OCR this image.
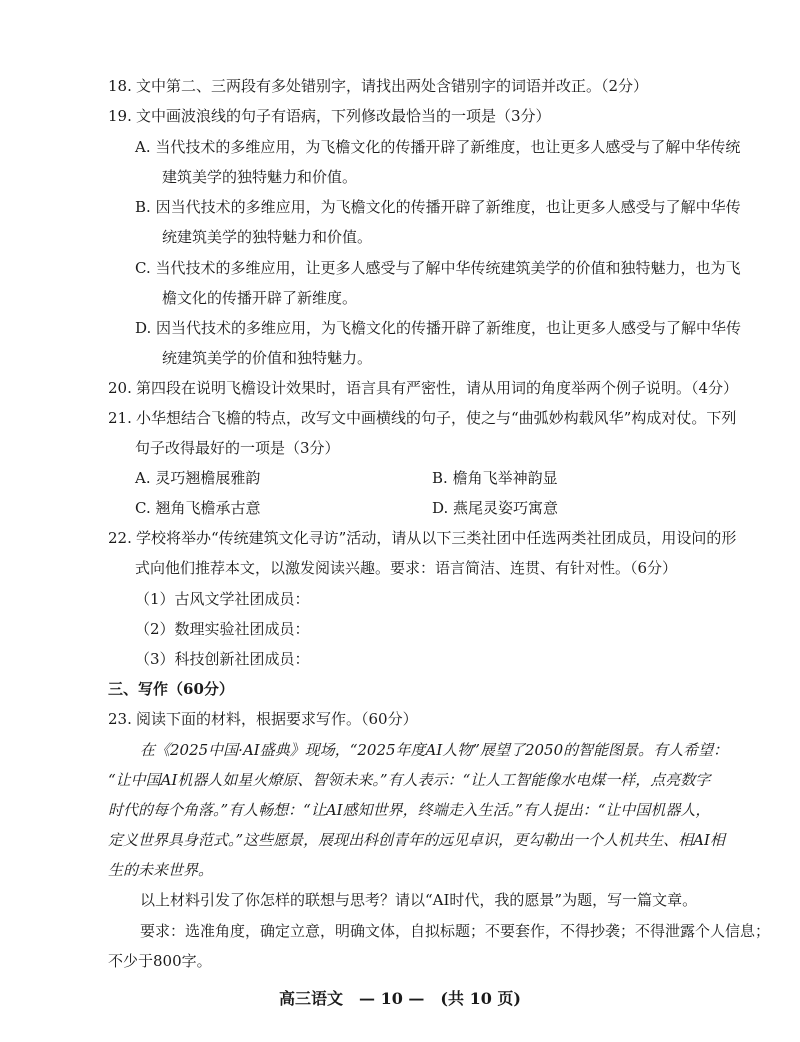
18. 文中第二、三两段有多处错别字，请找出两处含错别字的词语并改正。（2分）
19. 文中画波浪线的句子有语病，下列修改最恰当的一项是（3分）
A. 当代技术的多维应用，为飞檐文化的传播开辟了新维度，也让更多人感受与了解中华传统
建筑美学的独特魅力和价值。
B. 因当代技术的多维应用，为飞檐文化的传播开辟了新维度，也让更多人感受与了解中华传
统建筑美学的独特魅力和价值。
C. 当代技术的多维应用，让更多人感受与了解中华传统建筑美学的价值和独特魅力，也为飞
檐文化的传播开辟了新维度。
D. 因当代技术的多维应用，为飞檐文化的传播开辟了新维度，也让更多人感受与了解中华传
统建筑美学的价值和独特魅力。
20. 第四段在说明飞檐设计效果时，语言具有严密性，请从用词的角度举两个例子说明。（4分）
21. 小华想结合飞檐的特点，改写文中画横线的句子，使之与“曲弧妙构载风华”构成对仗。下列
句子改得最好的一项是（3分）
A. 灵巧翘檐展雅韵	B. 檐角飞举神韵显
C. 翘角飞檐承古意	D. 燕尾灵姿巧寓意
22. 学校将举办“传统建筑文化寻访”活动，请从以下三类社团中任选两类社团成员，用设问的形
式向他们推荐本文，以激发阅读兴趣。要求：语言简洁、连贯、有针对性。（6分）
（1）古风文学社团成员：
（2）数理实验社团成员：
（3）科技创新社团成员：
三、写作（60分）
23. 阅读下面的材料，根据要求写作。（60分）
在《2025中国·AI盛典》现场，“2025年度AI人物”展望了2050的智能图景。有人希望：
“让中国AI机器人如星火燎原、智领未来。”有人表示：“让人工智能像水电煤一样，点亮数字
时代的每个角落。”有人畅想：“让AI感知世界，终端走入生活。”有人提出：“让中国机器人，
定义世界具身范式。”这些愿景，展现出科创青年的远见卓识，更勾勒出一个人机共生、相AI相
生的未来世界。
以上材料引发了你怎样的联想与思考？请以“AI时代，我的愿景”为题，写一篇文章。
要求：选准角度，确定立意，明确文体，自拟标题；不要套作，不得抄袭；不得泄露个人信息；
不少于800字。
高三语文　— 10 —　(共 10 页)
